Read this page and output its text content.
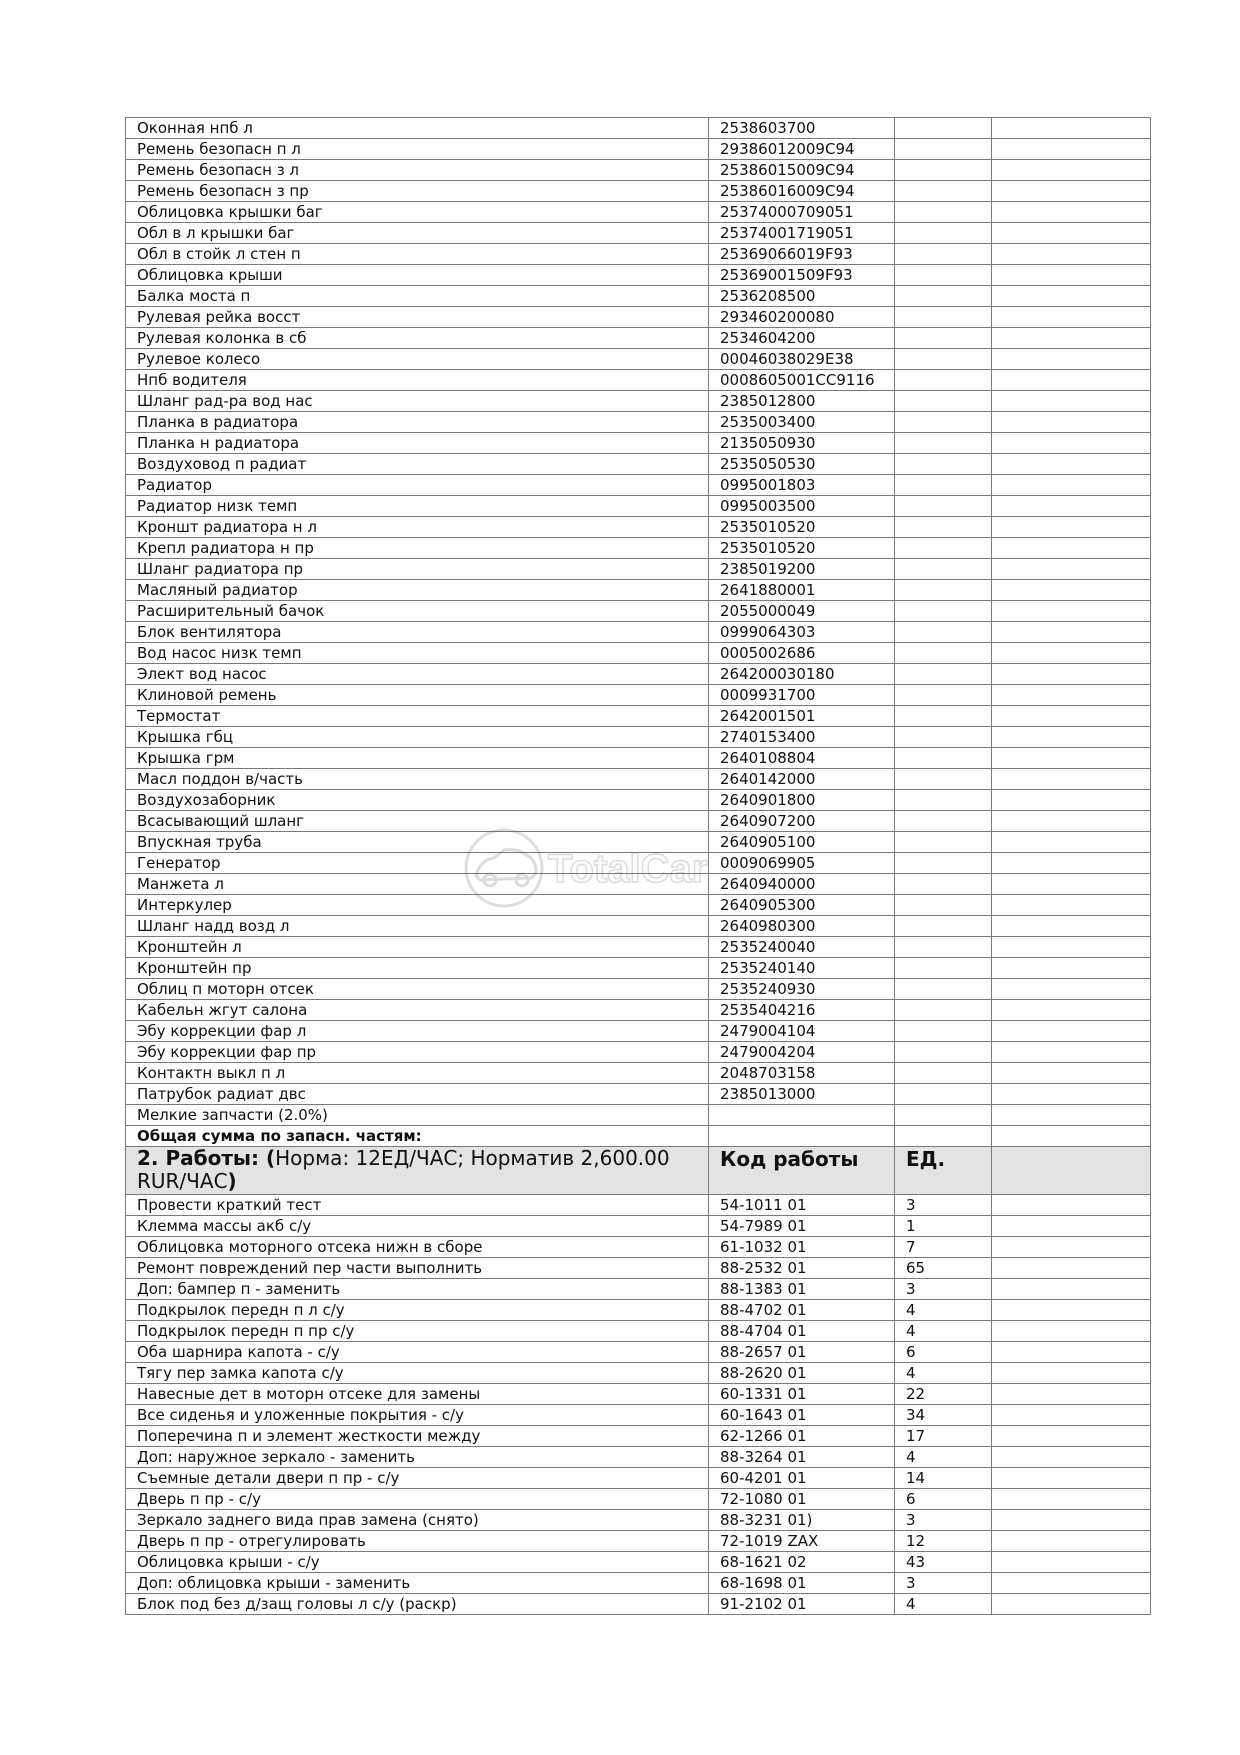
Оконная нпб л	2538603700		
Ремень безопасн п л	29386012009C94		
Ремень безопасн з л	25386015009C94		
Ремень безопасн з пр	25386016009C94		
Облицовка крышки баг	25374000709051		
Обл в л крышки баг	25374001719051		
Обл в стойк л стен п	25369066019F93		
Облицовка крыши	25369001509F93		
Балка моста п	2536208500		
Рулевая рейка восст	293460200080		
Рулевая колонка в сб	2534604200		
Рулевое колесо	00046038029E38		
Нпб водителя	0008605001CC9116		
Шланг рад-ра вод нас	2385012800		
Планка в радиатора	2535003400		
Планка н радиатора	2135050930		
Воздуховод п радиат	2535050530		
Радиатор	0995001803		
Радиатор низк темп	0995003500		
Кроншт радиатора н л	2535010520		
Крепл радиатора н пр	2535010520		
Шланг радиатора пр	2385019200		
Масляный радиатор	2641880001		
Расширительный бачок	2055000049		
Блок вентилятора	0999064303		
Вод насос низк темп	0005002686		
Элект вод насос	264200030180		
Клиновой ремень	0009931700		
Термостат	2642001501		
Крышка гбц	2740153400		
Крышка грм	2640108804		
Масл поддон в/часть	2640142000		
Воздухозаборник	2640901800		
Всасывающий шланг	2640907200		
Впускная труба	2640905100		
Генератор	0009069905		
Манжета л	2640940000		
Интеркулер	2640905300		
Шланг надд возд л	2640980300		
Кронштейн л	2535240040		
Кронштейн пр	2535240140		
Облиц п моторн отсек	2535240930		
Кабельн жгут салона	2535404216		
Эбу коррекции фар л	2479004104		
Эбу коррекции фар пр	2479004204		
Контактн выкл п л	2048703158		
Патрубок радиат двс	2385013000		
Мелкие запчасти (2.0%)			
Общая сумма по запасн. частям:			
2. Работы: (Норма: 12ЕД/ЧАС; Норматив 2,600.00 RUR/ЧАС)	Код работы	ЕД.	
Провести краткий тест	54-1011 01	3	
Клемма массы акб с/у	54-7989 01	1	
Облицовка моторного отсека нижн в сборе	61-1032 01	7	
Ремонт повреждений пер части выполнить	88-2532 01	65	
Доп: бампер п - заменить	88-1383 01	3	
Подкрылок передн п л с/у	88-4702 01	4	
Подкрылок передн п пр с/у	88-4704 01	4	
Оба шарнира капота - с/у	88-2657 01	6	
Тягу пер замка капота с/у	88-2620 01	4	
Навесные дет в моторн отсеке для замены	60-1331 01	22	
Все сиденья и уложенные покрытия - с/у	60-1643 01	34	
Поперечина п и элемент жесткости между	62-1266 01	17	
Доп: наружное зеркало - заменить	88-3264 01	4	
Съемные детали двери п пр - с/у	60-4201 01	14	
Дверь п пр - с/у	72-1080 01	6	
Зеркало заднего вида прав замена (снято)	88-3231 01)	3	
Дверь п пр - отрегулировать	72-1019 ZAX	12	
Облицовка крыши - с/у	68-1621 02	43	
Доп: облицовка крыши - заменить	68-1698 01	3	
Блок под без д/защ головы л с/у (раскр)	91-2102 01	4	
TotalCar
